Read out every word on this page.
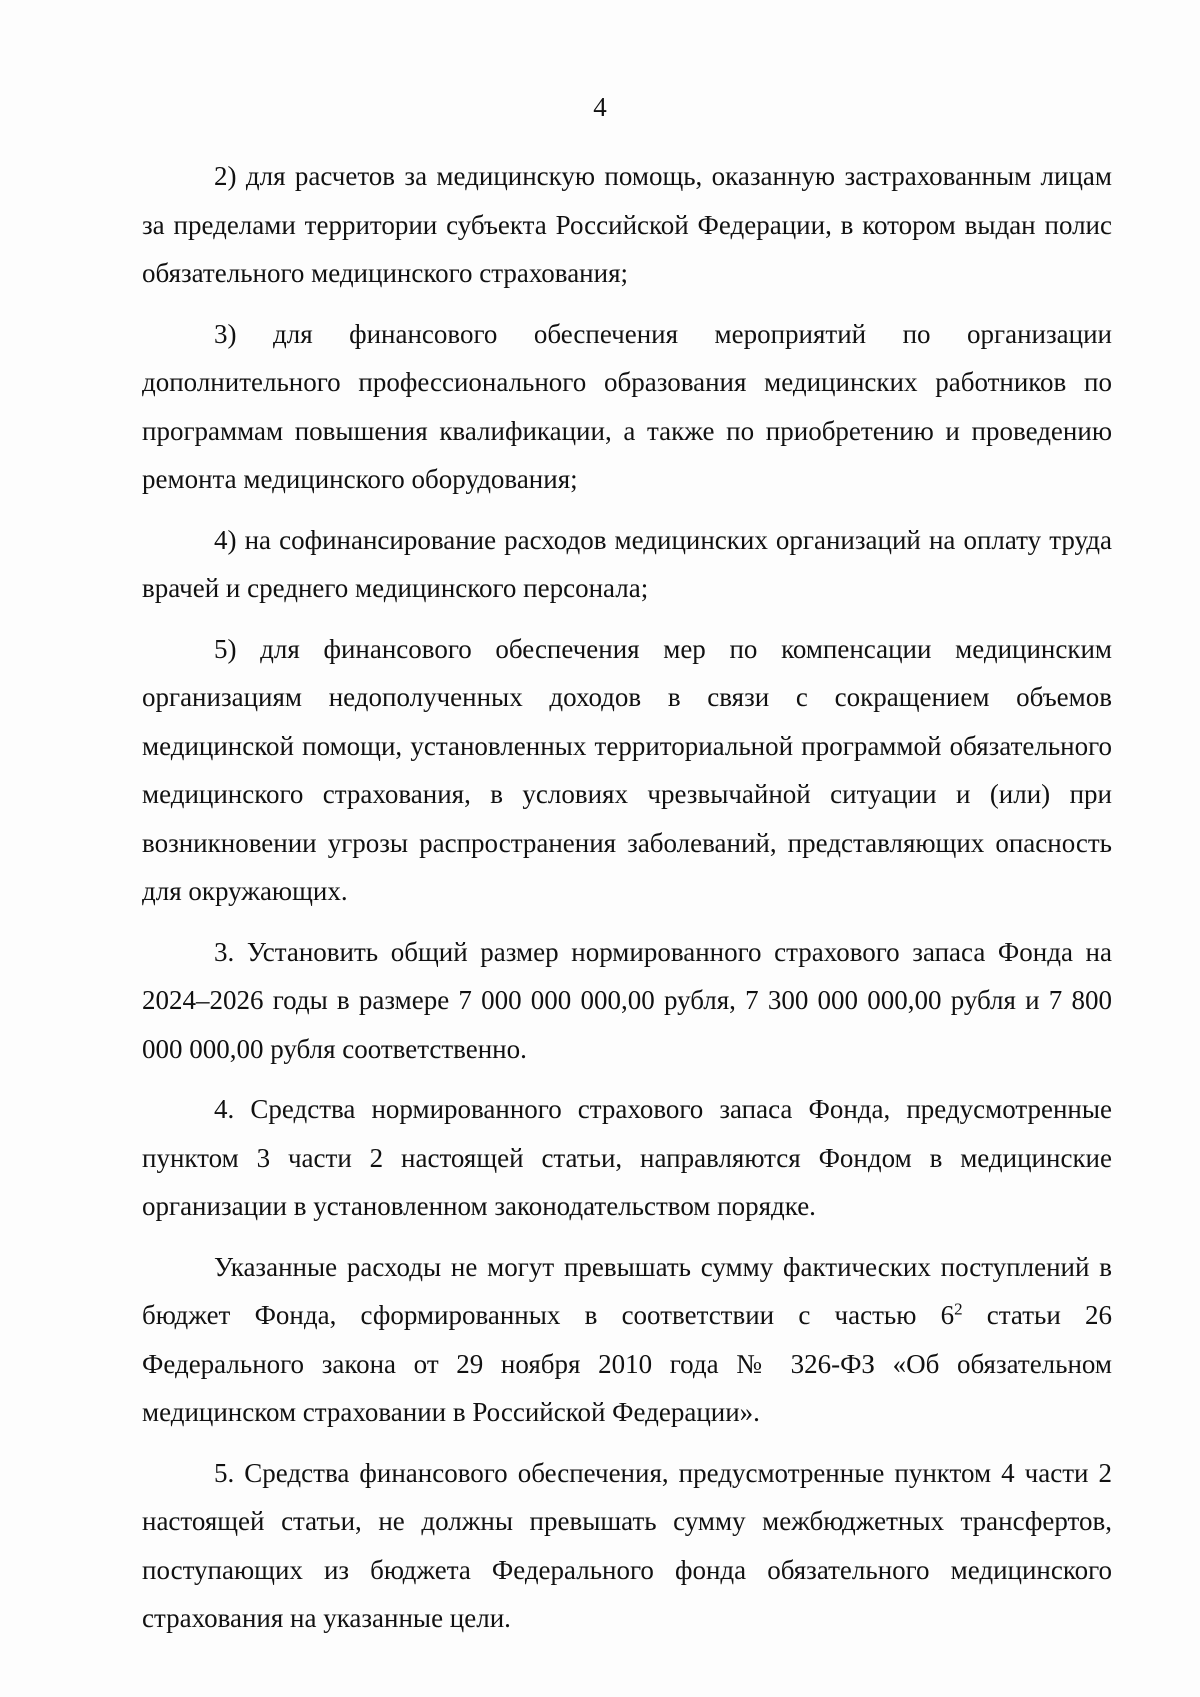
4

2) для расчетов за медицинскую помощь, оказанную застрахованным лицам за пределами территории субъекта Российской Федерации, в котором выдан полис обязательного медицинского страхования;

3) для финансового обеспечения мероприятий по организации дополнительного профессионального образования медицинских работников по программам повышения квалификации, а также по приобретению и проведению ремонта медицинского оборудования;

4) на софинансирование расходов медицинских организаций на оплату труда врачей и среднего медицинского персонала;

5) для финансового обеспечения мер по компенсации медицинским организациям недополученных доходов в связи с сокращением объемов медицинской помощи, установленных территориальной программой обязательного медицинского страхования, в условиях чрезвычайной ситуации и (или) при возникновении угрозы распространения заболеваний, представляющих опасность для окружающих.

3. Установить общий размер нормированного страхового запаса Фонда на 2024–2026 годы в размере 7 000 000 000,00 рубля, 7 300 000 000,00 рубля и 7 800 000 000,00 рубля соответственно.

4. Средства нормированного страхового запаса Фонда, предусмотренные пунктом 3 части 2 настоящей статьи, направляются Фондом в медицинские организации в установленном законодательством порядке.

Указанные расходы не могут превышать сумму фактических поступлений в бюджет Фонда, сформированных в соответствии с частью $6^2$ статьи 26 Федерального закона от 29 ноября 2010 года № 326-ФЗ «Об обязательном медицинском страховании в Российской Федерации».

5. Средства финансового обеспечения, предусмотренные пунктом 4 части 2 настоящей статьи, не должны превышать сумму межбюджетных трансфертов, поступающих из бюджета Федерального фонда обязательного медицинского страхования на указанные цели.
